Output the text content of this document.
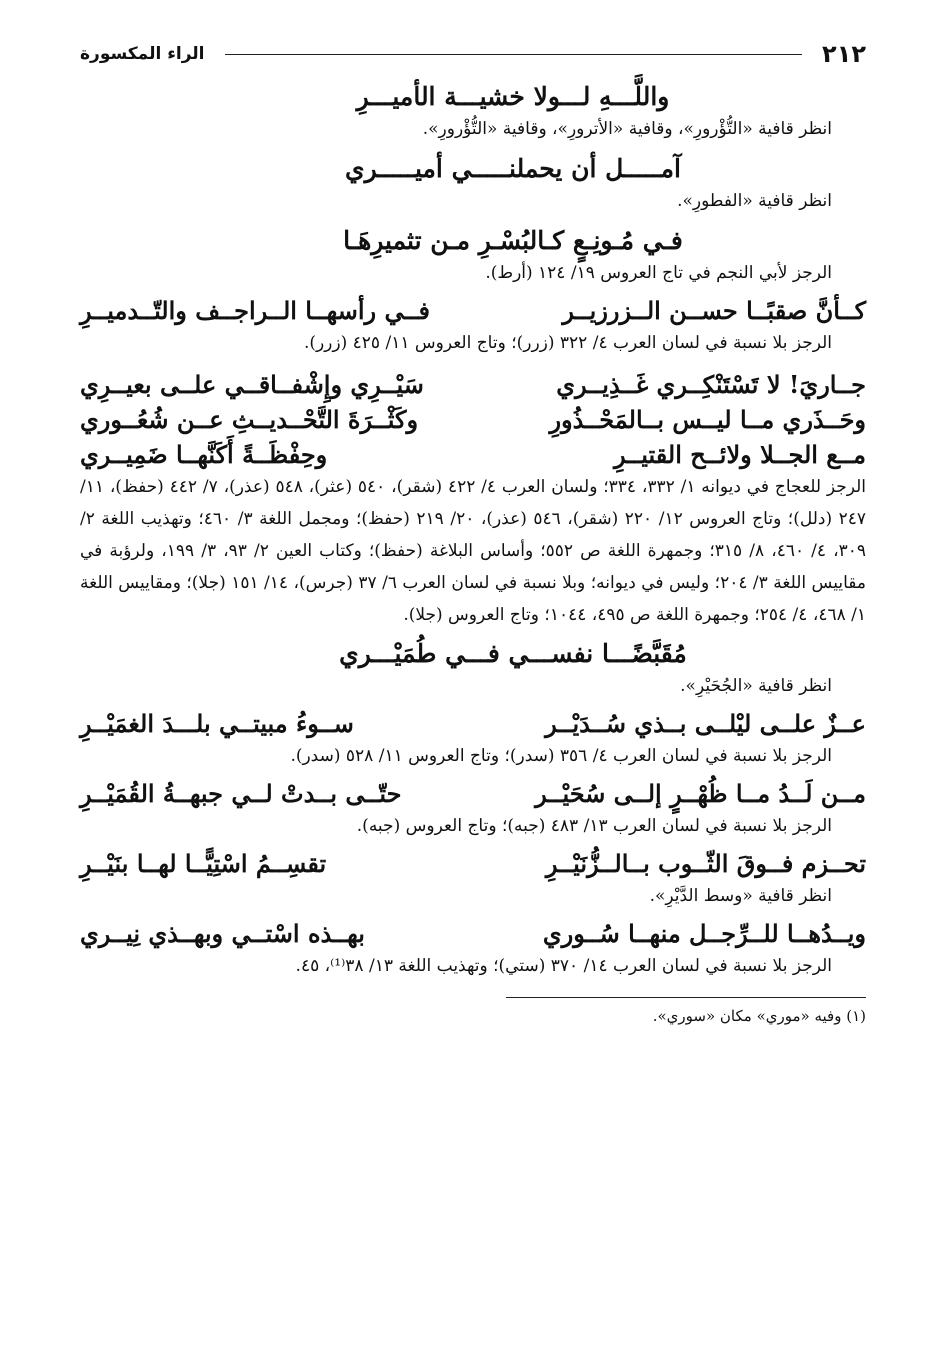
٢١٢
الراء المكسورة
واللَّـــهِ لـــولا خشيـــة الأميـــرِ
انظر قافية «التُّؤْرورِ»، وقافية «الأترورِ»، وقافية «التُّؤْرورِ».
آمـــــل أن يحملنـــــي أميـــــري
انظر قافية «الفطورِ».
فـي مُـونِـعٍ كـالبُسْـرِ مـن تثميرِهَـا
الرجز لأبي النجم في تاج العروس ١٩/ ١٢٤ (أرط).
كــأنَّ صقبًــا حســن الــزرزيــر
فــي رأسهــا الــراجــف والتّــدميــرِ
الرجز بلا نسبة في لسان العرب ٤/ ٣٢٢ (زرر)؛ وتاج العروس ١١/ ٤٢٥ (زرر).
جــاريَ! لا تَسْتَنْكِــري غَــذِيــري
سَيْــرِي وإِشْفــاقــي علــى بعيــرِي
وحَــذَري مــا ليــس بــالمَحْــذُورِ
وكَثْــرَةَ التَّحْــديــثِ عــن شُعُــوري
مــع الجــلا ولائــح القتيــرِ
وحِفْظَــةً أَكَنَّهــا ضَمِيــري
الرجز للعجاج في ديوانه ١/ ٣٣٢، ٣٣٤؛ ولسان العرب ٤/ ٤٢٢ (شقر)، ٥٤٠ (عثر)، ٥٤٨ (عذر)، ٧/ ٤٤٢ (حفظ)، ١١/ ٢٤٧ (دلل)؛ وتاج العروس ١٢/ ٢٢٠ (شقر)، ٥٤٦ (عذر)، ٢٠/ ٢١٩ (حفظ)؛ ومجمل اللغة ٣/ ٤٦٠؛ وتهذيب اللغة ٢/ ٣٠٩، ٤/ ٤٦٠، ٨/ ٣١٥؛ وجمهرة اللغة ص ٥٥٢؛ وأساس البلاغة (حفظ)؛ وكتاب العين ٢/ ٩٣، ٣/ ١٩٩، ولرؤبة في مقاييس اللغة ٣/ ٢٠٤؛ وليس في ديوانه؛ وبلا نسبة في لسان العرب ٦/ ٣٧ (جرس)، ١٤/ ١٥١ (جلا)؛ ومقاييس اللغة ١/ ٤٦٨، ٤/ ٢٥٤؛ وجمهرة اللغة ص ٤٩٥، ١٠٤٤؛ وتاج العروس (جلا).
مُقَبَّضًـــا نفســـي فـــي طُمَيْـــري
انظر قافية «الجُحَيْرِ».
عــزٌ علــى ليْلــى بــذي سُــدَيْــر
ســوءُ مبيتــي بلـــدَ الغمَيْــرِ
الرجز بلا نسبة في لسان العرب ٤/ ٣٥٦ (سدر)؛ وتاج العروس ١١/ ٥٢٨ (سدر).
مــن لَــدُ مــا ظُهْــرٍ إلــى سُحَيْــر
حتّــى بــدتْ لــي جبهــةُ القُمَيْــرِ
الرجز بلا نسبة في لسان العرب ١٣/ ٤٨٣ (جبه)؛ وتاج العروس (جبه).
تحــزم فــوقَ الثّــوب بــالــزُّنَيْــرِ
تقسِــمُ اسْتِيًّــا لهــا بنَيْــرِ
انظر قافية «وسط الدَّيْرِ».
ويــدُهــا للــرِّجــل منهــا سُــوري
بهــذه اسْتــي وبهــذي نِيــري
الرجز بلا نسبة في لسان العرب ١٤/ ٣٧٠ (ستي)؛ وتهذيب اللغة ١٣/ ٣٨⁽¹⁾، ٤٥.
(١) وفيه «موري» مكان «سوري».
